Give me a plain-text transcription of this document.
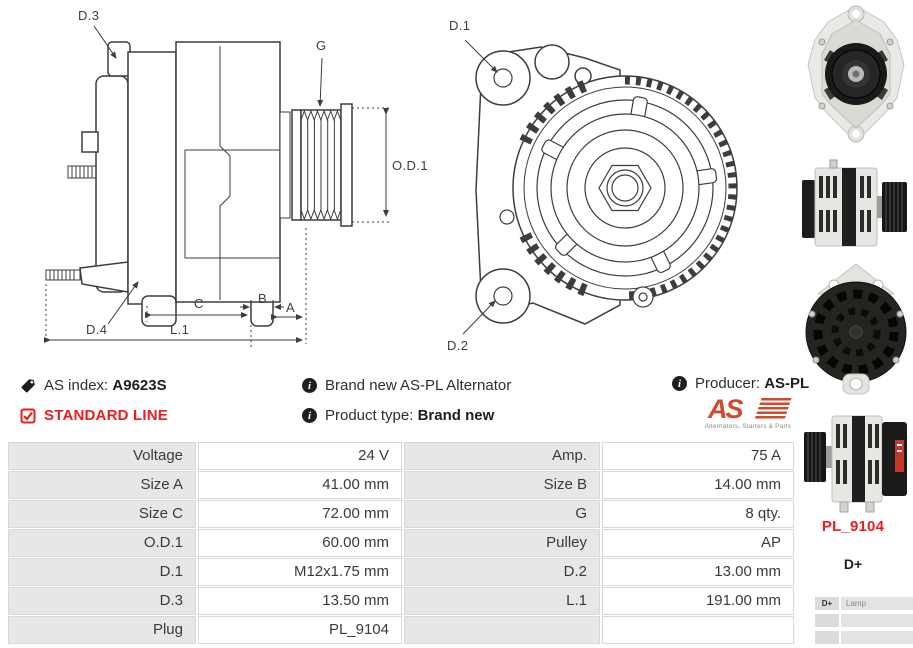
D.3
G
O.D.1
D.4
C	B
A
L.1
D.1
D.2
AS index: A9623S
STANDARD LINE
i
Brand new AS-PL Alternator
i
Product type: Brand new
i
Producer: AS-PL
AS
Alternators, Starters & Parts
Voltage	24 V	Amp.	75 A
Size A	41.00 mm	Size B	14.00 mm
Size C	72.00 mm	G	8 qty.
O.D.1	60.00 mm	Pulley	AP
D.1	M12x1.75 mm	D.2	13.00 mm
D.3	13.50 mm	L.1	191.00 mm
Plug	PL_9104
PL_9104
D+
D+	Lamp
